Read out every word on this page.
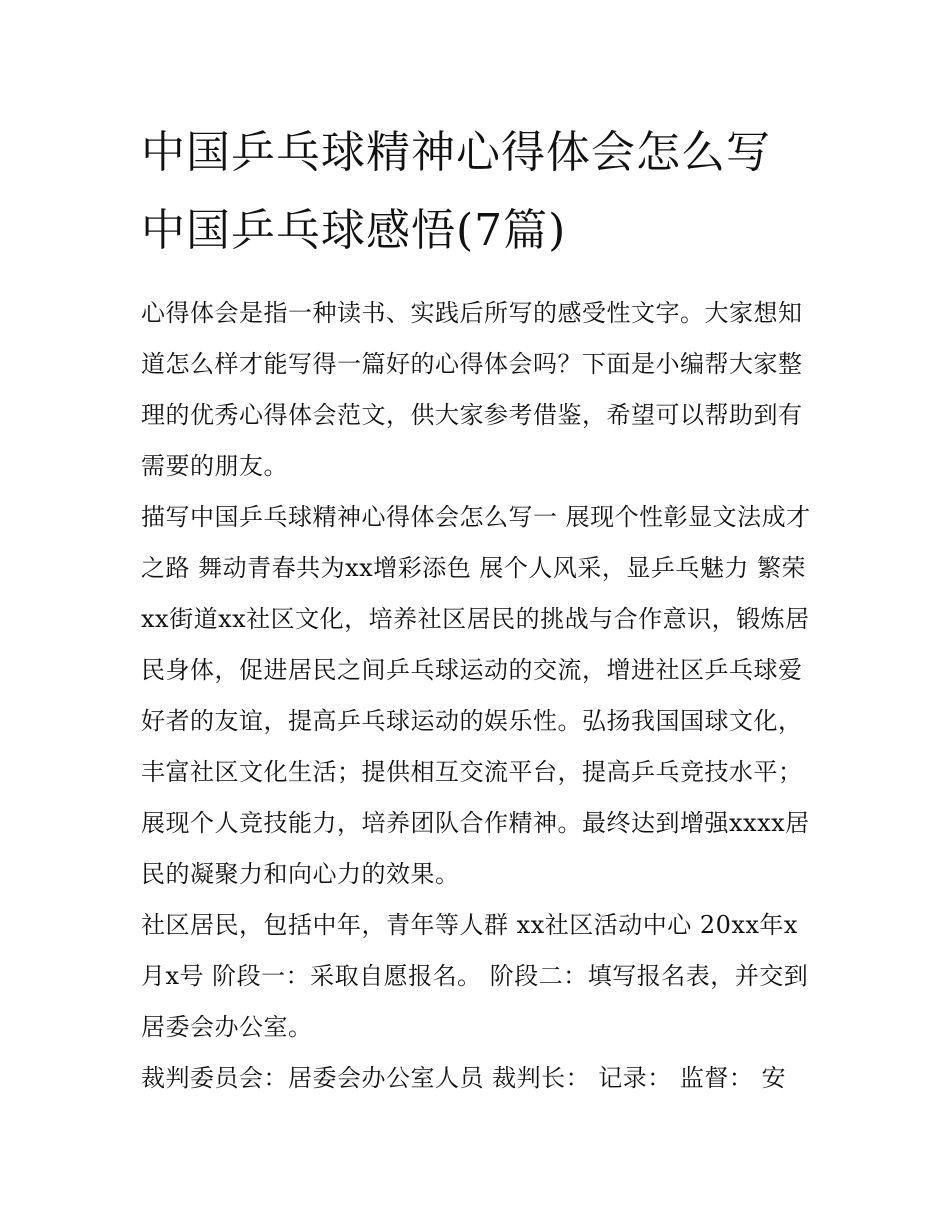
中国乒乓球精神心得体会怎么写 中国乒乓球感悟(7篇)

心得体会是指一种读书、实践后所写的感受性文字。大家想知道怎么样才能写得一篇好的心得体会吗？下面是小编帮大家整理的优秀心得体会范文，供大家参考借鉴，希望可以帮助到有需要的朋友。

描写中国乒乓球精神心得体会怎么写一 展现个性彰显文法成才之路 舞动青春共为xx增彩添色 展个人风采，显乒乓魅力 繁荣xx街道xx社区文化，培养社区居民的挑战与合作意识，锻炼居民身体，促进居民之间乒乓球运动的交流，增进社区乒乓球爱好者的友谊，提高乒乓球运动的娱乐性。弘扬我国国球文化，丰富社区文化生活；提供相互交流平台，提高乒乓竞技水平；展现个人竞技能力，培养团队合作精神。最终达到增强xxxx居民的凝聚力和向心力的效果。

社区居民，包括中年，青年等人群 xx社区活动中心 20xx年x月x号 阶段一：采取自愿报名。 阶段二：填写报名表，并交到居委会办公室。

裁判委员会：居委会办公室人员 裁判长： 记录： 监督： 安
